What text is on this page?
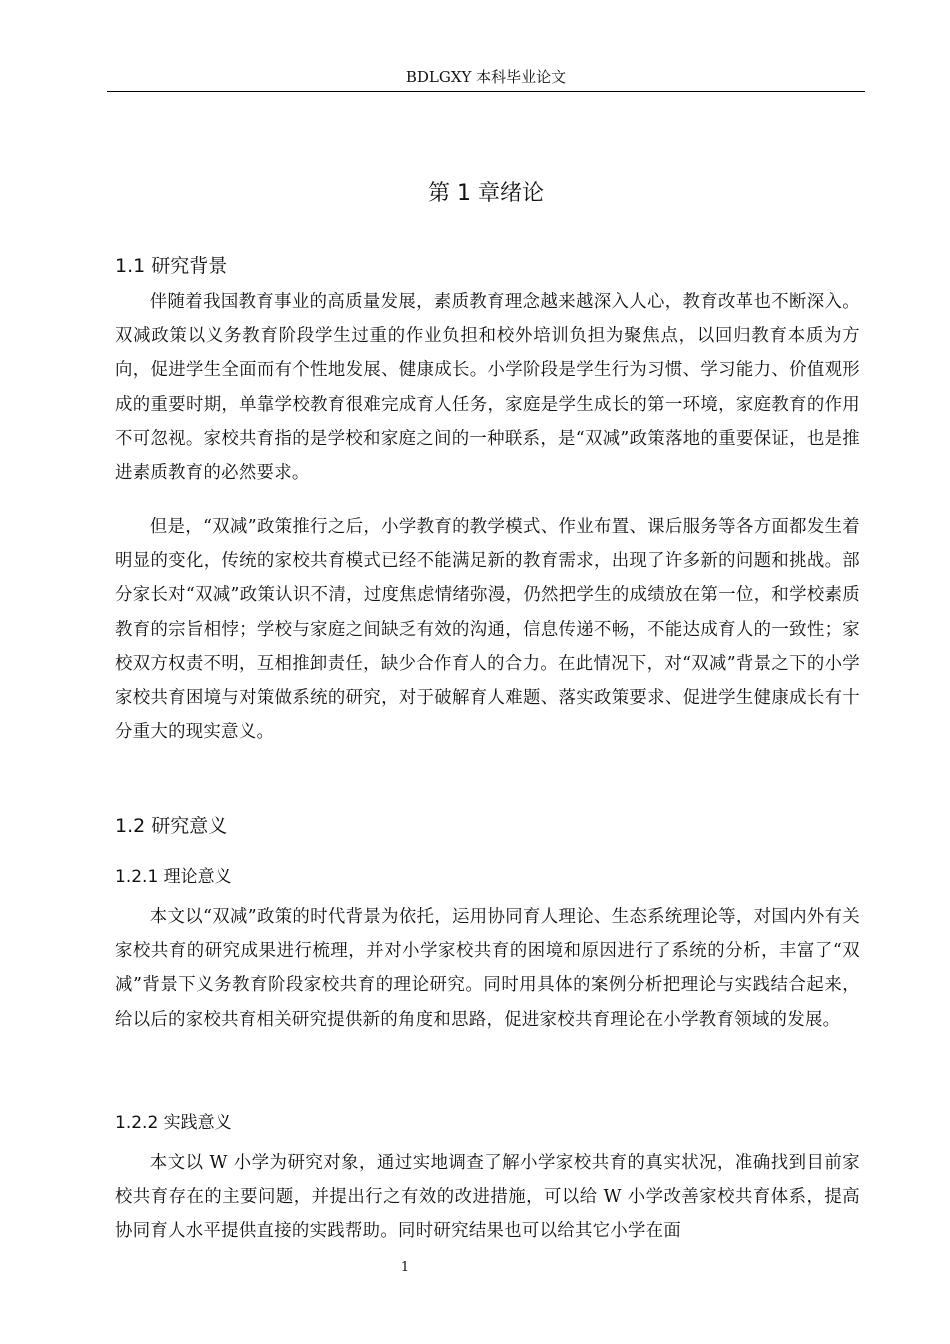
BDLGXY 本科毕业论文
第 1 章绪论
1.1 研究背景

伴随着我国教育事业的高质量发展，素质教育理念越来越深入人心，教育改革也不断深入。双减政策以义务教育阶段学生过重的作业负担和校外培训负担为聚焦点，以回归教育本质为方向，促进学生全面而有个性地发展、健康成长。小学阶段是学生行为习惯、学习能力、价值观形成的重要时期，单靠学校教育很难完成育人任务，家庭是学生成长的第一环境，家庭教育的作用不可忽视。家校共育指的是学校和家庭之间的一种联系，是“双减”政策落地的重要保证，也是推进素质教育的必然要求。

但是，“双减”政策推行之后，小学教育的教学模式、作业布置、课后服务等各方面都发生着明显的变化，传统的家校共育模式已经不能满足新的教育需求，出现了许多新的问题和挑战。部分家长对“双减”政策认识不清，过度焦虑情绪弥漫，仍然把学生的成绩放在第一位，和学校素质教育的宗旨相悖；学校与家庭之间缺乏有效的沟通，信息传递不畅，不能达成育人的一致性；家校双方权责不明，互相推卸责任，缺少合作育人的合力。在此情况下，对“双减”背景之下的小学家校共育困境与对策做系统的研究，对于破解育人难题、落实政策要求、促进学生健康成长有十分重大的现实意义。

1.2 研究意义
1.2.1 理论意义

本文以“双减”政策的时代背景为依托，运用协同育人理论、生态系统理论等，对国内外有关家校共育的研究成果进行梳理，并对小学家校共育的困境和原因进行了系统的分析，丰富了“双减”背景下义务教育阶段家校共育的理论研究。同时用具体的案例分析把理论与实践结合起来，给以后的家校共育相关研究提供新的角度和思路，促进家校共育理论在小学教育领域的发展。

1.2.2 实践意义

本文以 W 小学为研究对象，通过实地调查了解小学家校共育的真实状况，准确找到目前家校共育存在的主要问题，并提出行之有效的改进措施，可以给 W 小学改善家校共育体系，提高协同育人水平提供直接的实践帮助。同时研究结果也可以给其它小学在面

1
